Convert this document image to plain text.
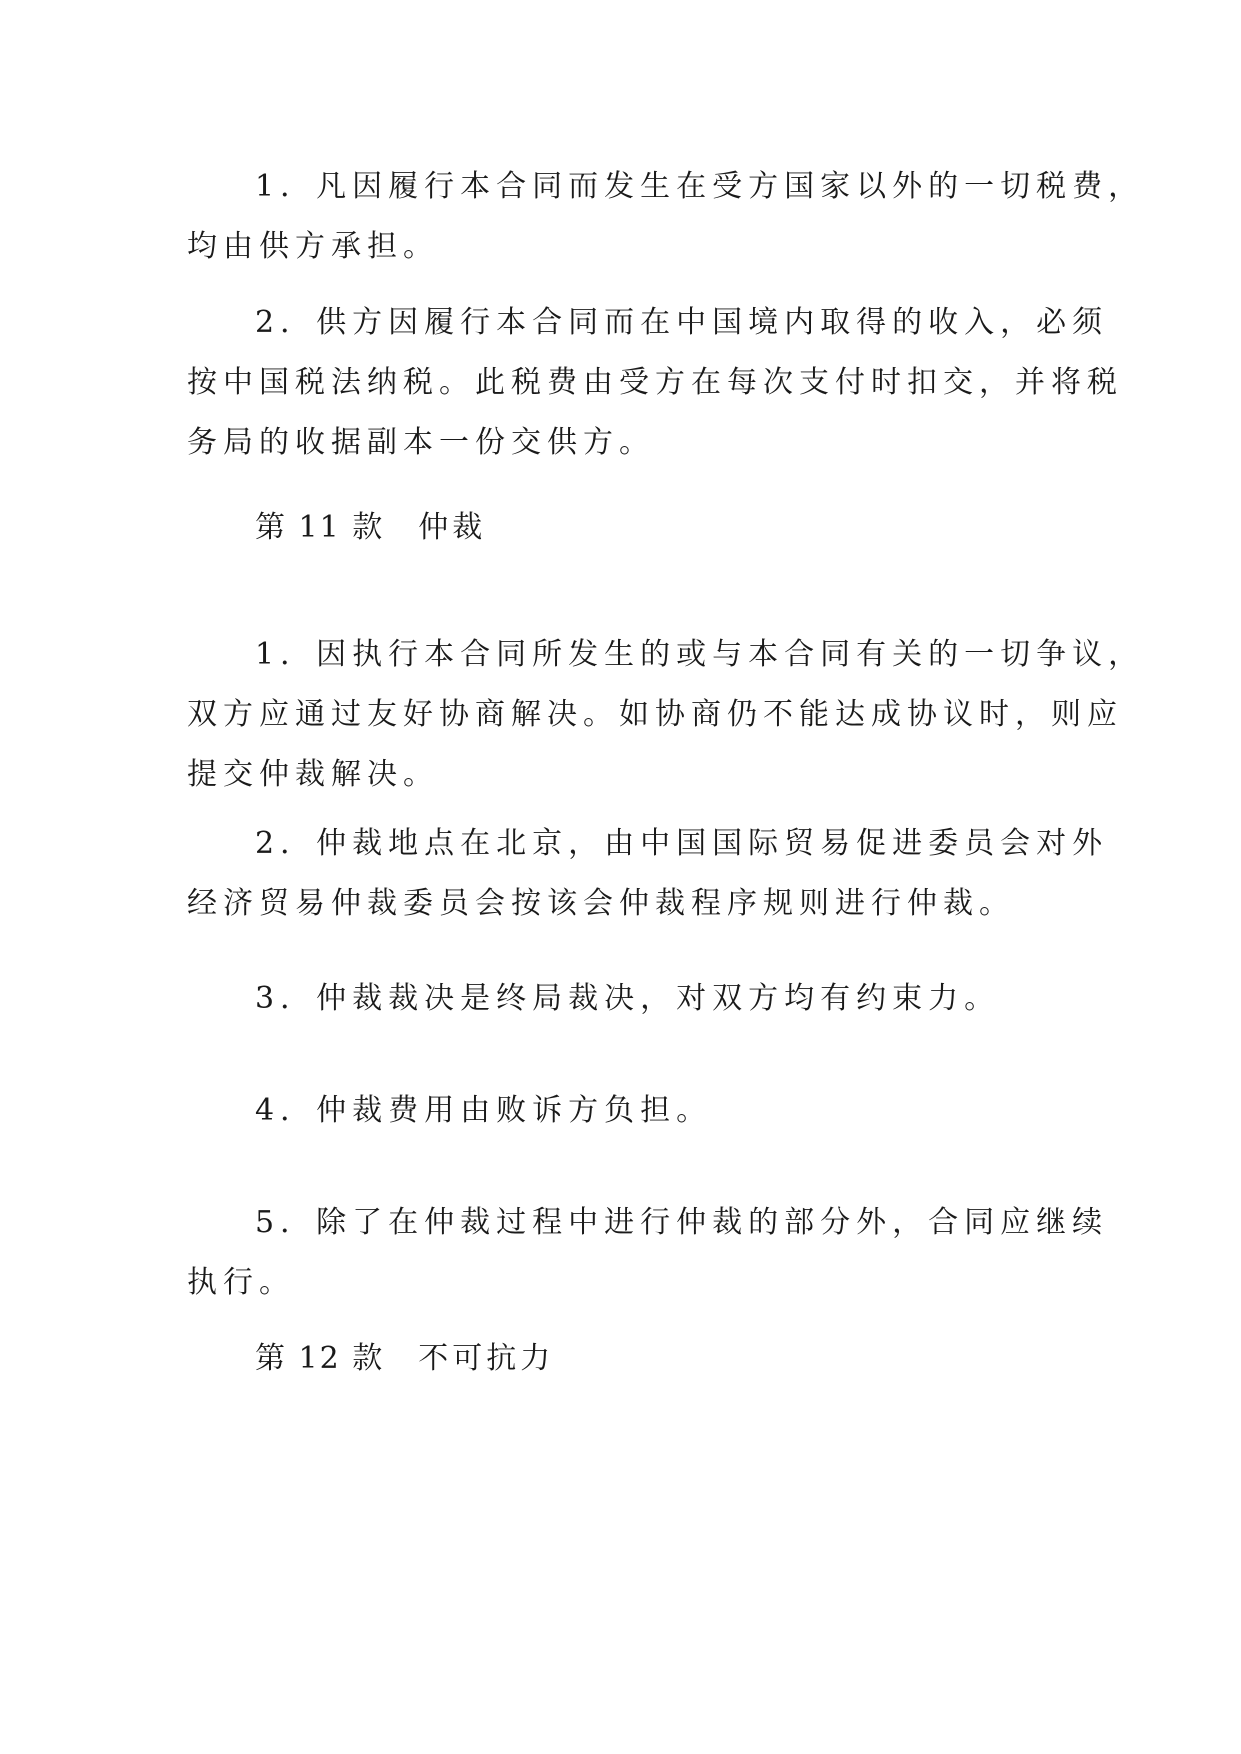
1．凡因履行本合同而发生在受方国家以外的一切税费，
均由供方承担。

2．供方因履行本合同而在中国境内取得的收入，必须
按中国税法纳税。此税费由受方在每次支付时扣交，并将税
务局的收据副本一份交供方。

第 11 款 仲裁

1．因执行本合同所发生的或与本合同有关的一切争议，
双方应通过友好协商解决。如协商仍不能达成协议时，则应
提交仲裁解决。

2．仲裁地点在北京，由中国国际贸易促进委员会对外
经济贸易仲裁委员会按该会仲裁程序规则进行仲裁。

3．仲裁裁决是终局裁决，对双方均有约束力。

4．仲裁费用由败诉方负担。

5．除了在仲裁过程中进行仲裁的部分外，合同应继续
执行。

第 12 款 不可抗力
